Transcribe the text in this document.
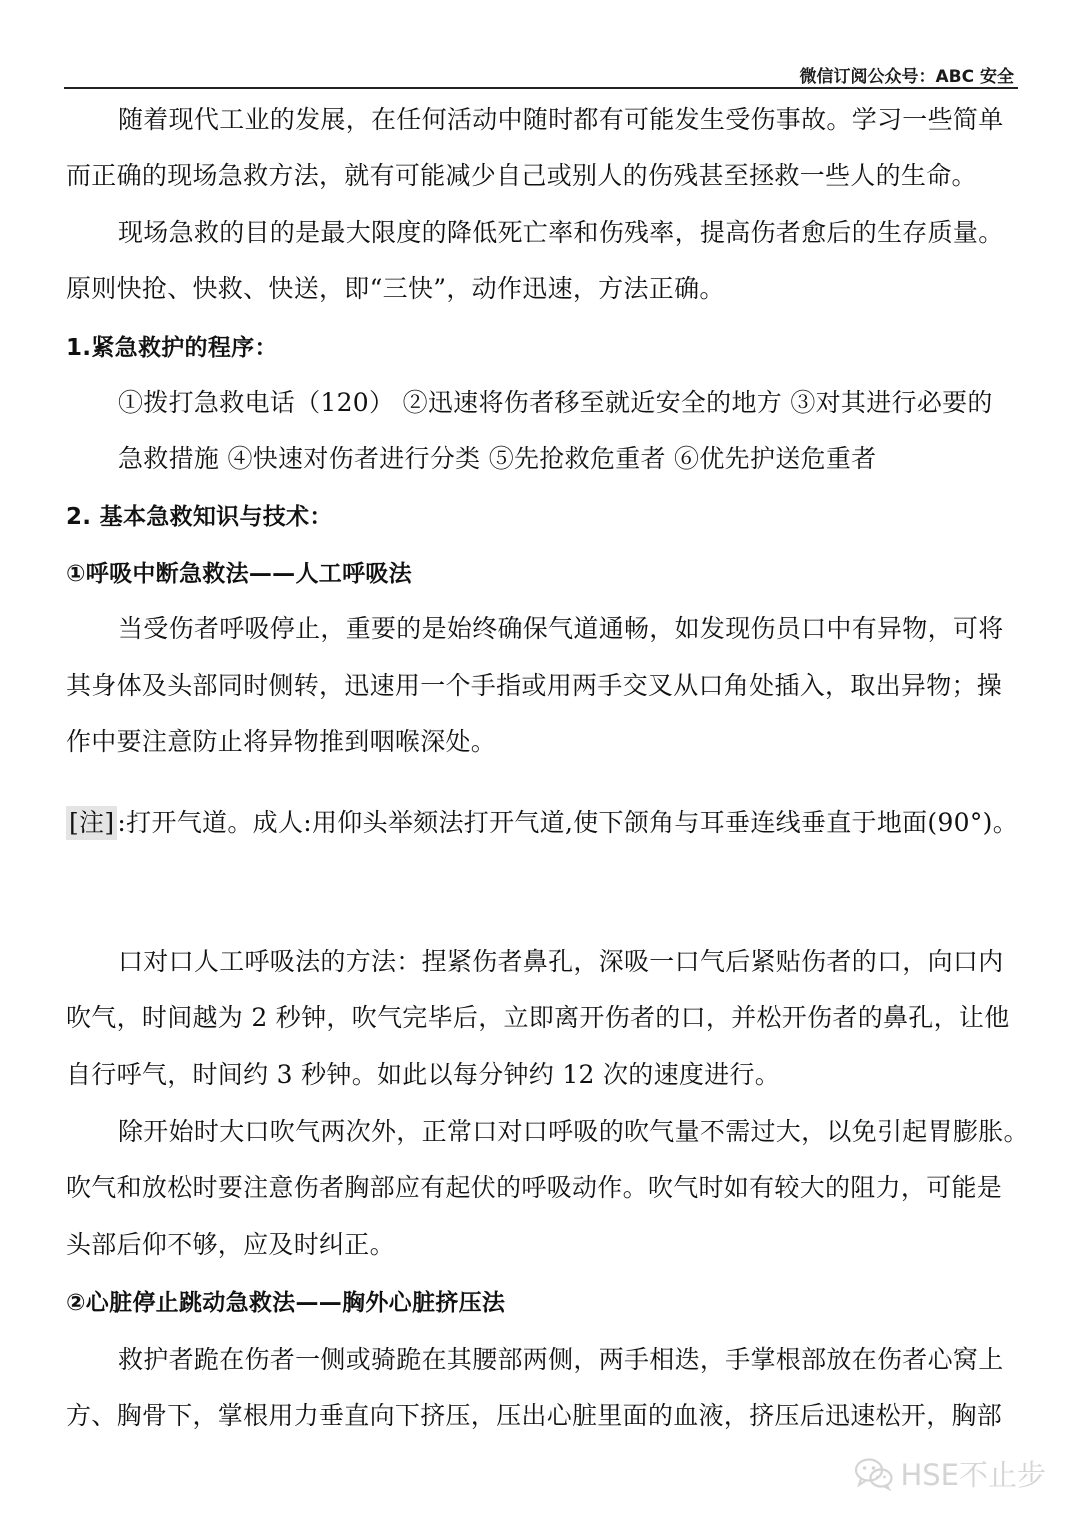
微信订阅公众号：ABC 安全
随着现代工业的发展，在任何活动中随时都有可能发生受伤事故。学习一些简单
而正确的现场急救方法，就有可能减少自己或别人的伤残甚至拯救一些人的生命。
现场急救的目的是最大限度的降低死亡率和伤残率，提高伤者愈后的生存质量。
原则快抢、快救、快送，即“三快”，动作迅速，方法正确。
1.紧急救护的程序：
①拨打急救电话（120） ②迅速将伤者移至就近安全的地方 ③对其进行必要的
急救措施 ④快速对伤者进行分类 ⑤先抢救危重者 ⑥优先护送危重者
2. 基本急救知识与技术：
①呼吸中断急救法——人工呼吸法
当受伤者呼吸停止，重要的是始终确保气道通畅，如发现伤员口中有异物，可将
其身体及头部同时侧转，迅速用一个手指或用两手交叉从口角处插入，取出异物；操
作中要注意防止将异物推到咽喉深处。
[注] :打开气道。成人:用仰头举颏法打开气道,使下颌角与耳垂连线垂直于地面(90°)。
口对口人工呼吸法的方法：捏紧伤者鼻孔，深吸一口气后紧贴伤者的口，向口内
吹气，时间越为 2 秒钟，吹气完毕后，立即离开伤者的口，并松开伤者的鼻孔，让他
自行呼气，时间约 3 秒钟。如此以每分钟约 12 次的速度进行。
除开始时大口吹气两次外，正常口对口呼吸的吹气量不需过大，以免引起胃膨胀。
吹气和放松时要注意伤者胸部应有起伏的呼吸动作。吹气时如有较大的阻力，可能是
头部后仰不够，应及时纠正。
②心脏停止跳动急救法——胸外心脏挤压法
救护者跪在伤者一侧或骑跪在其腰部两侧，两手相迭，手掌根部放在伤者心窝上
方、胸骨下，掌根用力垂直向下挤压，压出心脏里面的血液，挤压后迅速松开，胸部
HSE不止步
